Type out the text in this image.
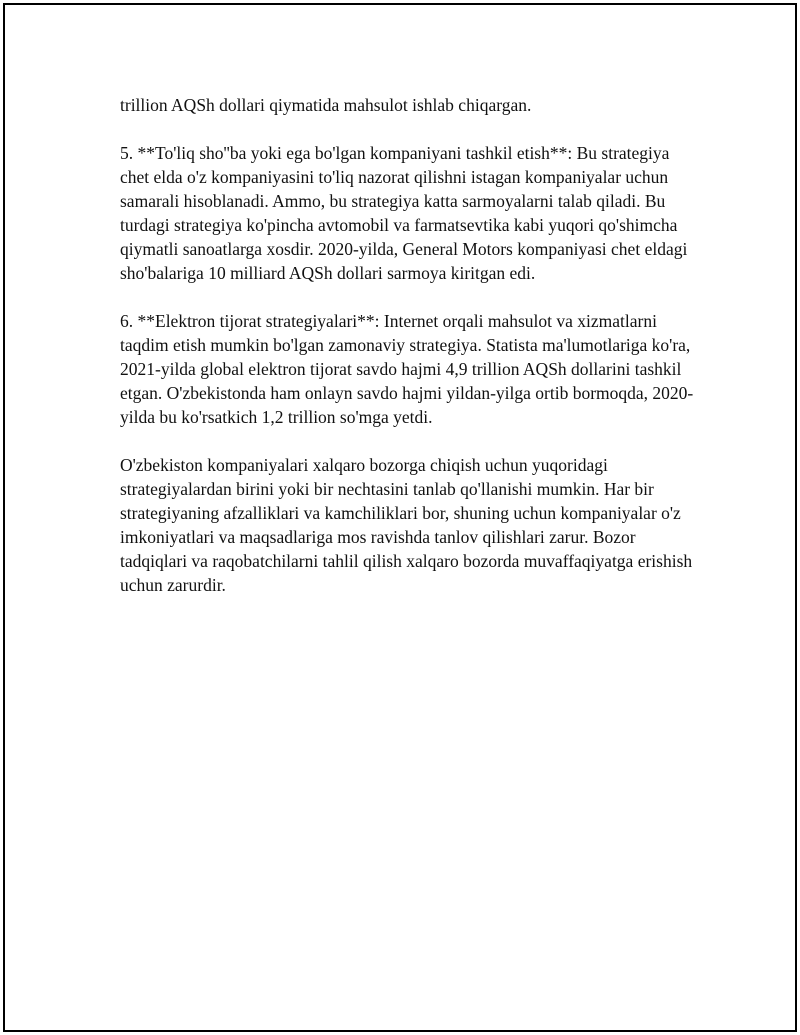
trillion AQSh dollari qiymatida mahsulot ishlab chiqargan.

5. **To'liq sho''ba yoki ega bo'lgan kompaniyani tashkil etish**: Bu strategiya chet elda o'z kompaniyasini to'liq nazorat qilishni istagan kompaniyalar uchun samarali hisoblanadi. Ammo, bu strategiya katta sarmoyalarni talab qiladi. Bu turdagi strategiya ko'pincha avtomobil va farmatsevtika kabi yuqori qo'shimcha qiymatli sanoatlarga xosdir. 2020-yilda, General Motors kompaniyasi chet eldagi sho'balariga 10 milliard AQSh dollari sarmoya kiritgan edi.

6. **Elektron tijorat strategiyalari**: Internet orqali mahsulot va xizmatlarni taqdim etish mumkin bo'lgan zamonaviy strategiya. Statista ma'lumotlariga ko'ra, 2021-yilda global elektron tijorat savdo hajmi 4,9 trillion AQSh dollarini tashkil etgan. O'zbekistonda ham onlayn savdo hajmi yildan-yilga ortib bormoqda, 2020-yilda bu ko'rsatkich 1,2 trillion so'mga yetdi.

O'zbekiston kompaniyalari xalqaro bozorga chiqish uchun yuqoridagi strategiyalardan birini yoki bir nechtasini tanlab qo'llanishi mumkin. Har bir strategiyaning afzalliklari va kamchiliklari bor, shuning uchun kompaniyalar o'z imkoniyatlari va maqsadlariga mos ravishda tanlov qilishlari zarur. Bozor tadqiqlari va raqobatchilarni tahlil qilish xalqaro bozorda muvaffaqiyatga erishish uchun zarurdir.
